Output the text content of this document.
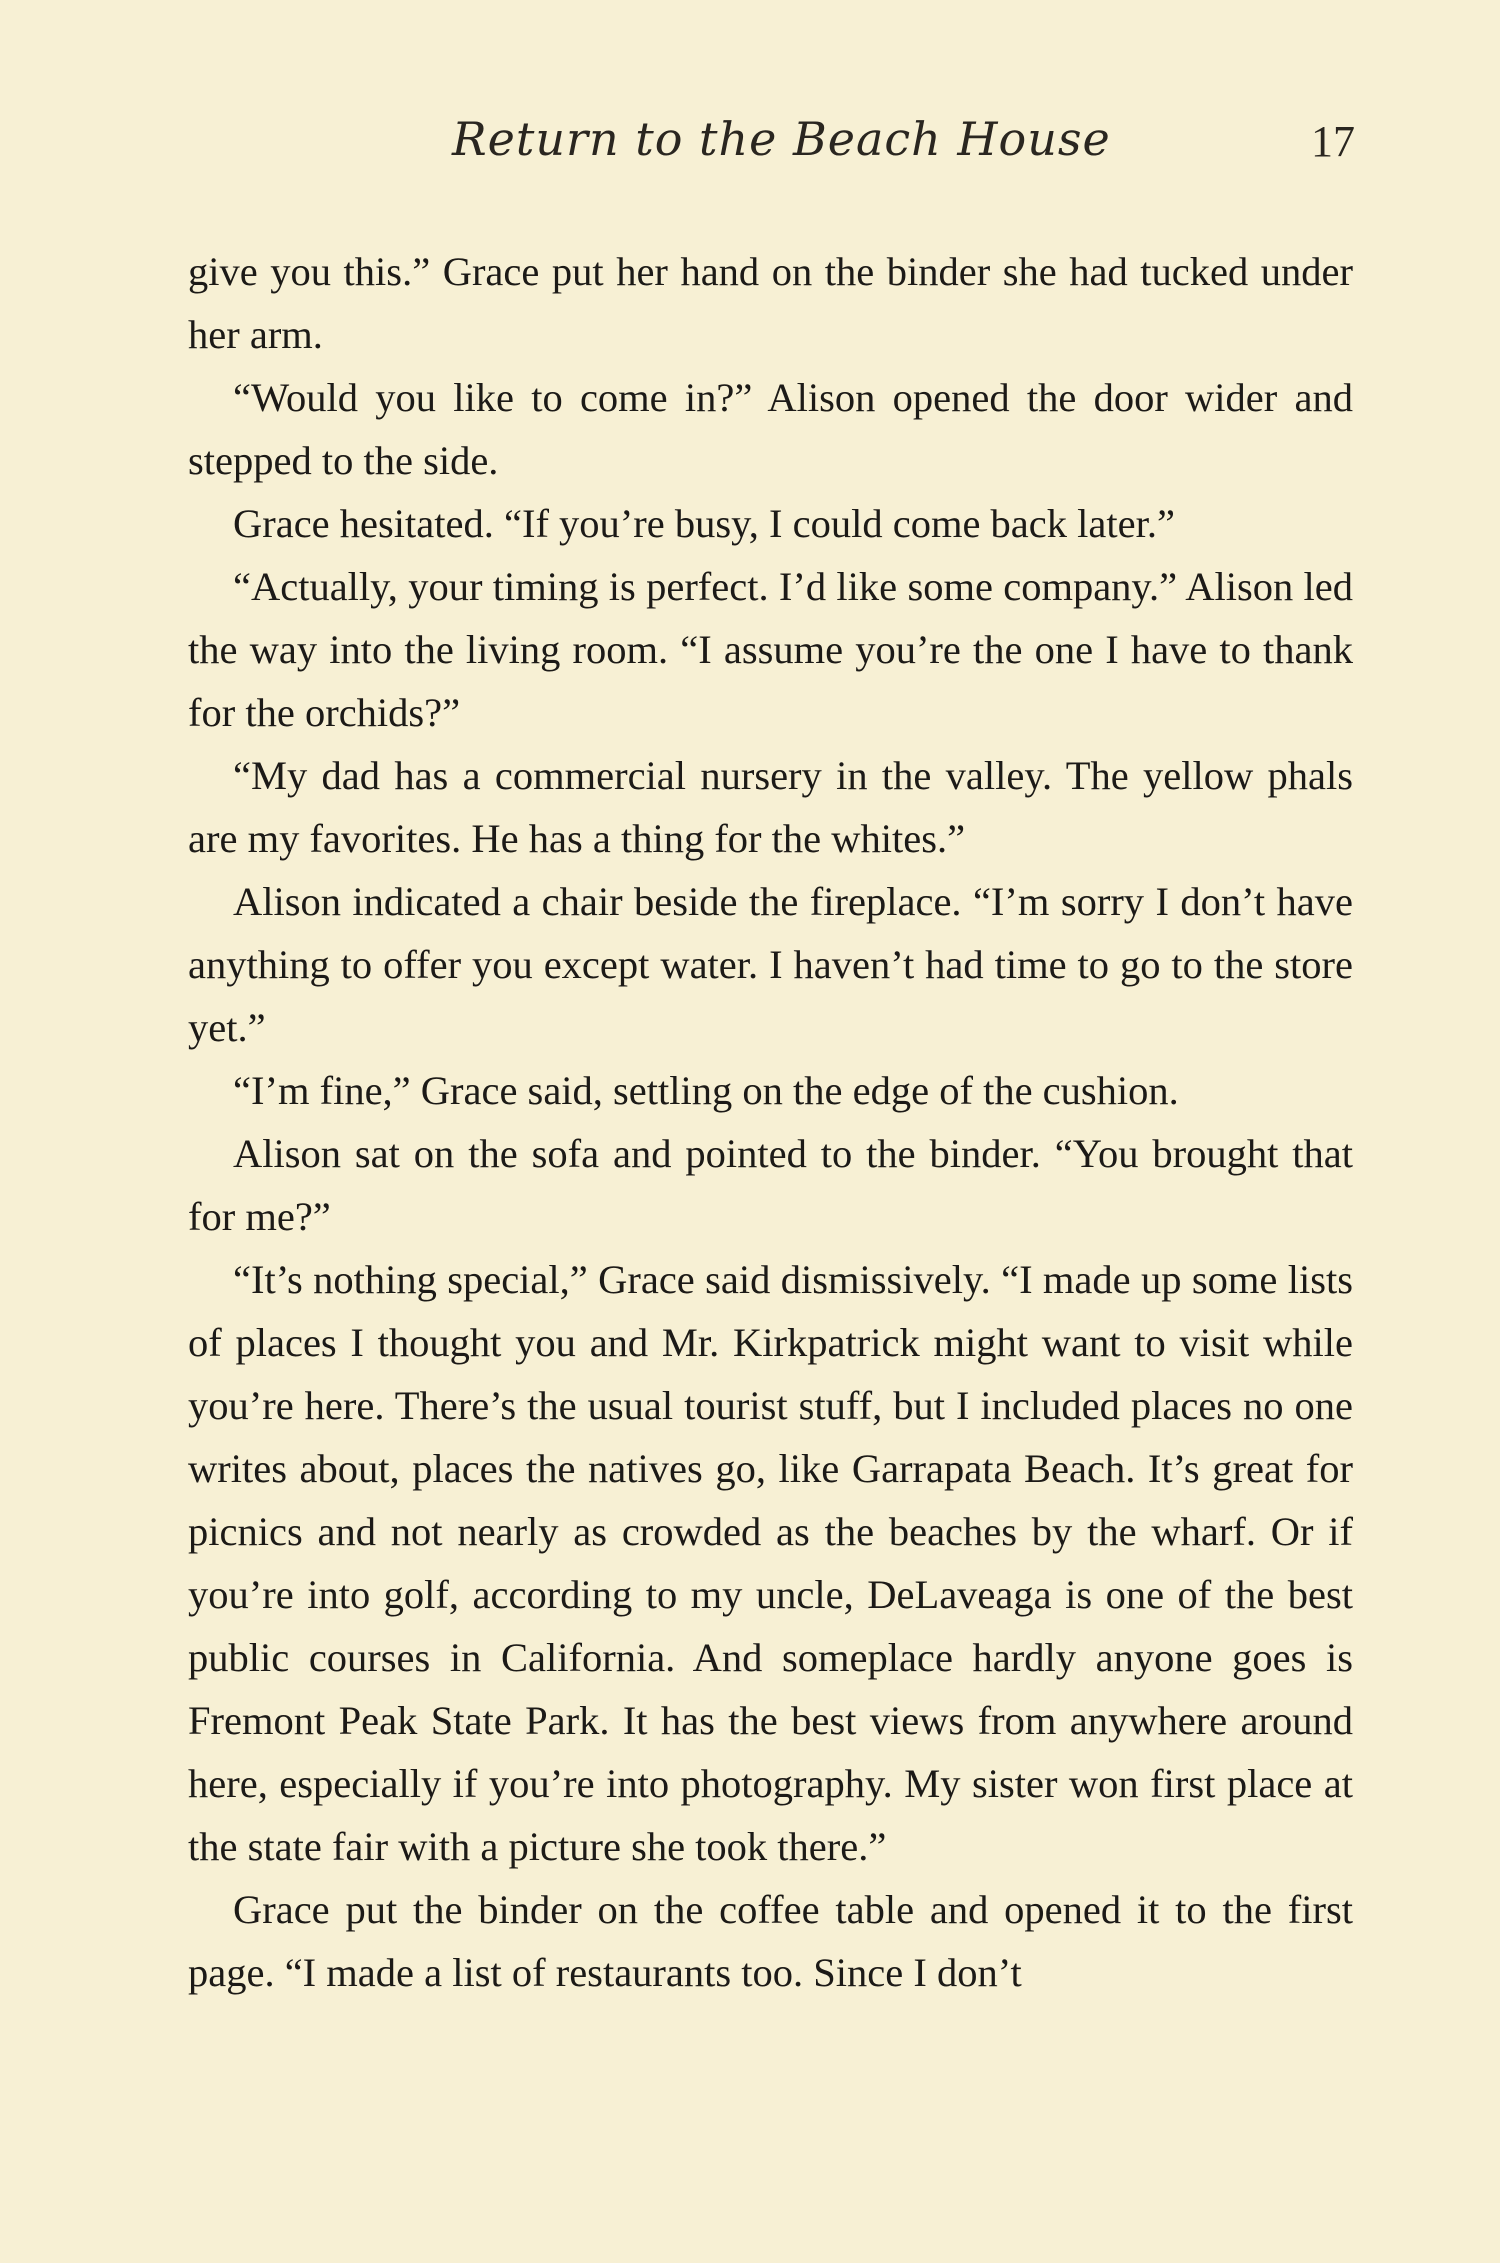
Return to the Beach House	17

give you this.” Grace put her hand on the binder she had tucked under her arm.

“Would you like to come in?” Alison opened the door wider and stepped to the side.

Grace hesitated. “If you’re busy, I could come back later.”

“Actually, your timing is perfect. I’d like some company.” Alison led the way into the living room. “I assume you’re the one I have to thank for the orchids?”

“My dad has a commercial nursery in the valley. The yellow phals are my favorites. He has a thing for the whites.”

Alison indicated a chair beside the fireplace. “I’m sorry I don’t have anything to offer you except water. I haven’t had time to go to the store yet.”

“I’m fine,” Grace said, settling on the edge of the cushion.

Alison sat on the sofa and pointed to the binder. “You brought that for me?”

“It’s nothing special,” Grace said dismissively. “I made up some lists of places I thought you and Mr. Kirkpatrick might want to visit while you’re here. There’s the usual tourist stuff, but I included places no one writes about, places the natives go, like Garrapata Beach. It’s great for picnics and not nearly as crowded as the beaches by the wharf. Or if you’re into golf, according to my uncle, DeLaveaga is one of the best public courses in California. And someplace hardly anyone goes is Fremont Peak State Park. It has the best views from anywhere around here, especially if you’re into photography. My sister won first place at the state fair with a picture she took there.”

Grace put the binder on the coffee table and opened it to the first page. “I made a list of restaurants too. Since I don’t
